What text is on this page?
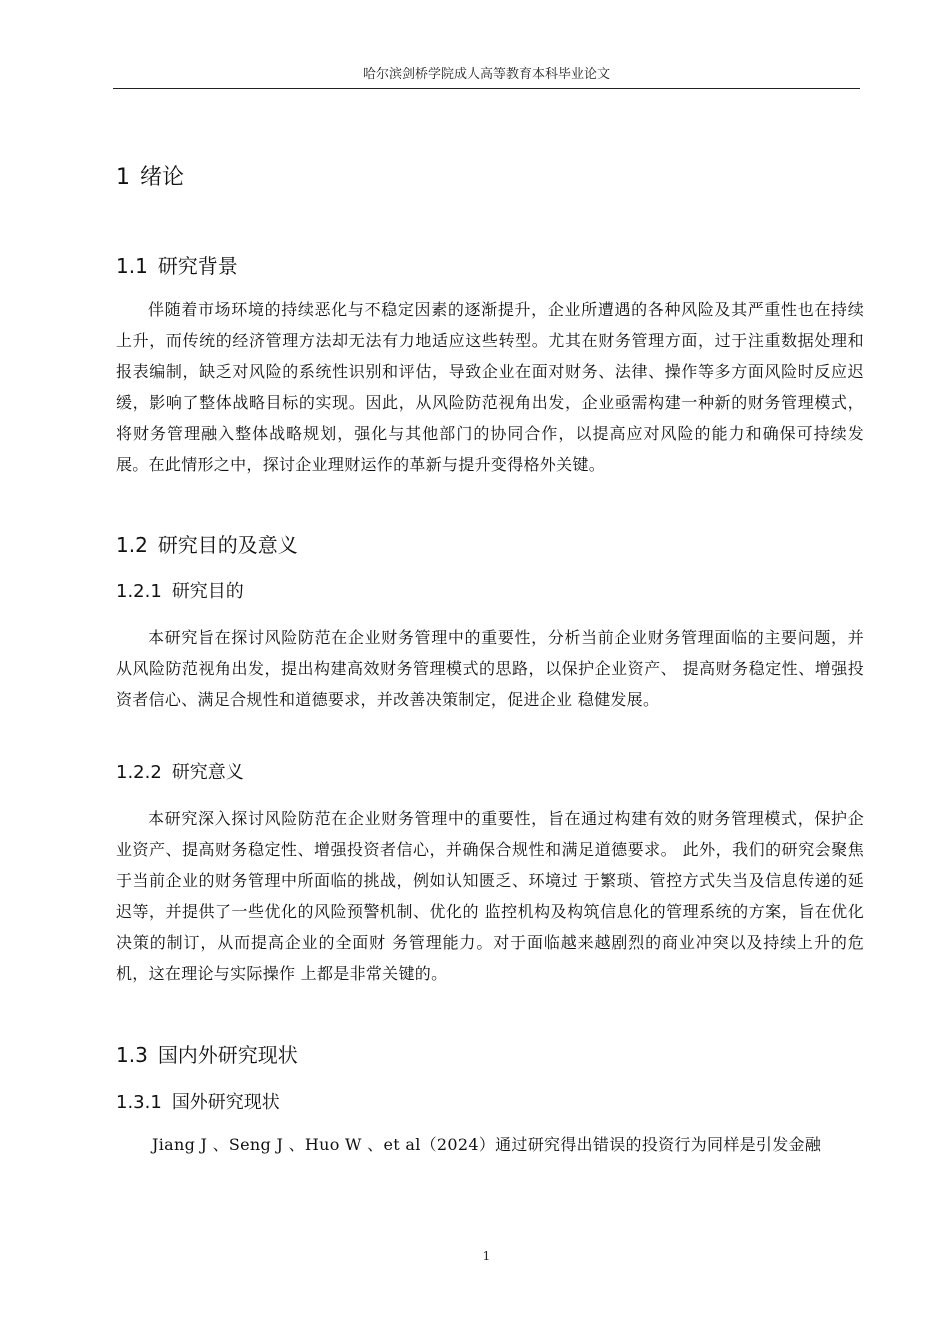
哈尔滨剑桥学院成人高等教育本科毕业论文
1 绪论
1.1 研究背景

伴随着市场环境的持续恶化与不稳定因素的逐渐提升，企业所遭遇的各种风险及其严重性也在持续上升，而传统的经济管理方法却无法有力地适应这些转型。尤其在财务管理方面，过于注重数据处理和报表编制，缺乏对风险的系统性识别和评估，导致企业在面对财务、法律、操作等多方面风险时反应迟缓，影响了整体战略目标的实现。因此，从风险防范视角出发，企业亟需构建一种新的财务管理模式，将财务管理融入整体战略规划，强化与其他部门的协同合作，以提高应对风险的能力和确保可持续发展。在此情形之中，探讨企业理财运作的革新与提升变得格外关键。

1.2 研究目的及意义
1.2.1 研究目的

本研究旨在探讨风险防范在企业财务管理中的重要性，分析当前企业财务管理面临的主要问题，并从风险防范视角出发，提出构建高效财务管理模式的思路，以保护企业资产、 提高财务稳定性、增强投资者信心、满足合规性和道德要求，并改善决策制定，促进企业 稳健发展。

1.2.2 研究意义

本研究深入探讨风险防范在企业财务管理中的重要性，旨在通过构建有效的财务管理模式，保护企业资产、提高财务稳定性、增强投资者信心，并确保合规性和满足道德要求。 此外，我们的研究会聚焦于当前企业的财务管理中所面临的挑战，例如认知匮乏、环境过 于繁琐、管控方式失当及信息传递的延迟等，并提供了一些优化的风险预警机制、优化的 监控机构及构筑信息化的管理系统的方案，旨在优化决策的制订，从而提高企业的全面财 务管理能力。对于面临越来越剧烈的商业冲突以及持续上升的危机，这在理论与实际操作 上都是非常关键的。

1.3 国内外研究现状
1.3.1 国外研究现状

Jiang J 、Seng J 、Huo W 、et al（2024）通过研究得出错误的投资行为同样是引发金融

1
